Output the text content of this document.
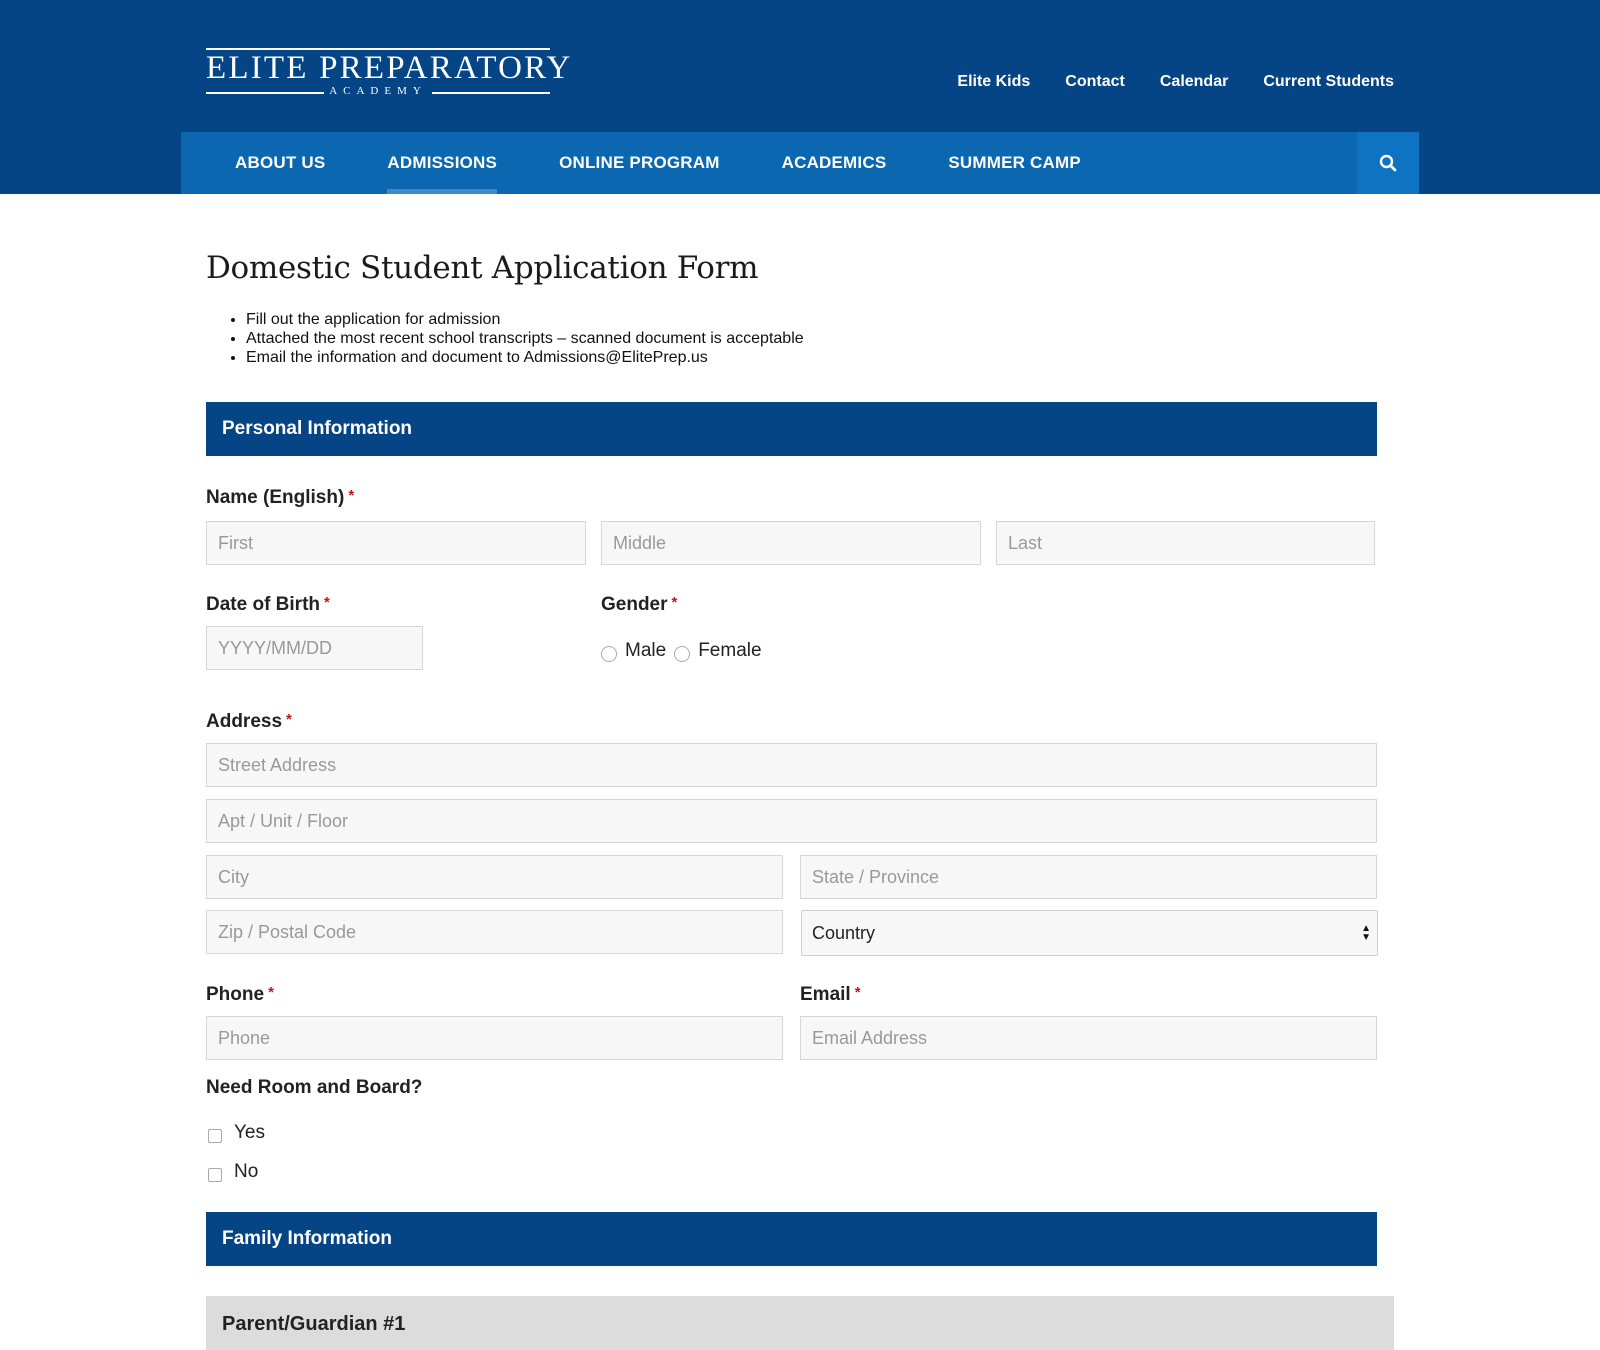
ELITE PREPARATORY
ACADEMY
Elite Kids Contact Calendar Current Students
ABOUT US	ADMISSIONS	ONLINE PROGRAM	ACADEMICS	SUMMER CAMP
Domestic Student Application Form
• Fill out the application for admission
• Attached the most recent school transcripts – scanned document is acceptable
• Email the information and document to Admissions@ElitePrep.us
Personal Information
Name (English) *
First
Middle
Last
Date of Birth *
YYYY/MM/DD	Gender *
Male Female
Address *
Street Address
Apt / Unit / Floor
City
State / Province
Zip / Postal Code
Country	▲
▼
Phone *
Phone	Email *
Email Address
Need Room and Board?
Yes
No
Family Information
Parent/Guardian #1
